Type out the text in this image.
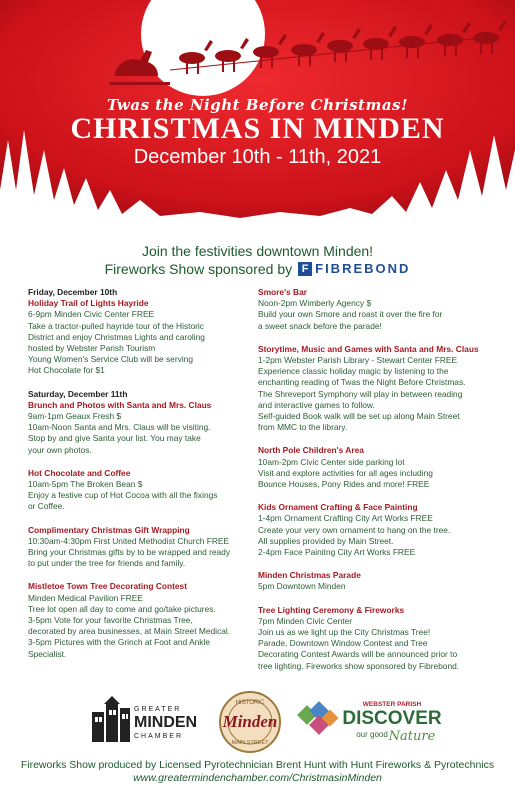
Twas the Night Before Christmas!
CHRISTMAS IN MINDEN
December 10th - 11th, 2021
Join the festivities downtown Minden!
Fireworks Show sponsored by F FIBREBOND
Friday, December 10th
Holiday Trail of Lights Hayride
6-9pm Minden Civic Center FREE
Take a tractor-pulled hayride tour of the Historic
District and enjoy Christmas Lights and caroling
hosted by Webster Parish Tourism
Young Women's Service Club will be serving
Hot Chocolate for $1
Saturday, December 11th
Brunch and Photos with Santa and Mrs. Claus
9am-1pm Geaux Fresh $
10am-Noon Santa and Mrs. Claus will be visiting.
Stop by and give Santa your list. You may take
your own photos.
Hot Chocolate and Coffee
10am-5pm The Broken Bean $
Enjoy a festive cup of Hot Cocoa with all the fixings
or Coffee.
Complimentary Christmas Gift Wrapping
10:30am-4:30pm First United Methodist Church FREE
Bring your Christmas gifts by to be wrapped and ready
to put under the tree for friends and family.
Mistletoe Town Tree Decorating Contest
Minden Medical Pavilion FREE
Tree lot open all day to come and go/take pictures.
3-5pm Vote for your favorite Christmas Tree,
decorated by area businesses, at Main Street Medical.
3-5pm Pictures with the Grinch at Foot and Ankle
Specialist.
Smore's Bar
Noon-2pm Wimberly Agency $
Build your own Smore and roast it over the fire for
a sweet snack before the parade!
Storytime, Music and Games with Santa and Mrs. Claus
1-2pm Webster Parish Library - Stewart Center FREE
Experience classic holiday magic by listening to the
enchanting reading of Twas the Night Before Christmas.
The Shreveport Symphony will play in between reading
and interactive games to follow.
Self-guided Book walk will be set up along Main Street
from MMC to the library.
North Pole Children's Area
10am-2pm Civic Center side parking lot
Visit and explore activities for all ages including
Bounce Houses, Pony Rides and more! FREE
Kids Ornament Crafting & Face Painting
1-4pm Ornament Crafting City Art Works FREE
Create your very own ornament to hang on the tree.
All supplies provided by Main Street.
2-4pm Face Painitng City Art Works FREE
Minden Christmas Parade
5pm Downtown Minden
Tree Lighting Ceremony & Fireworks
7pm Minden Civic Center
Join us as we light up the City Christmas Tree!
Parade, Downtown Window Contest and Tree
Decorating Contest Awards will be announced prior to
tree lighting. Fireworks show sponsored by Fibrebond.
GREATER
MINDEN
CHAMBER
HISTORIC
Minden
MAIN STREET
WEBSTER PARISH
DISCOVER
our good Nature
Fireworks Show produced by Licensed Pyrotechnician Brent Hunt with Hunt Fireworks & Pyrotechnics
www.greatermindenchamber.com/ChristmasinMinden
